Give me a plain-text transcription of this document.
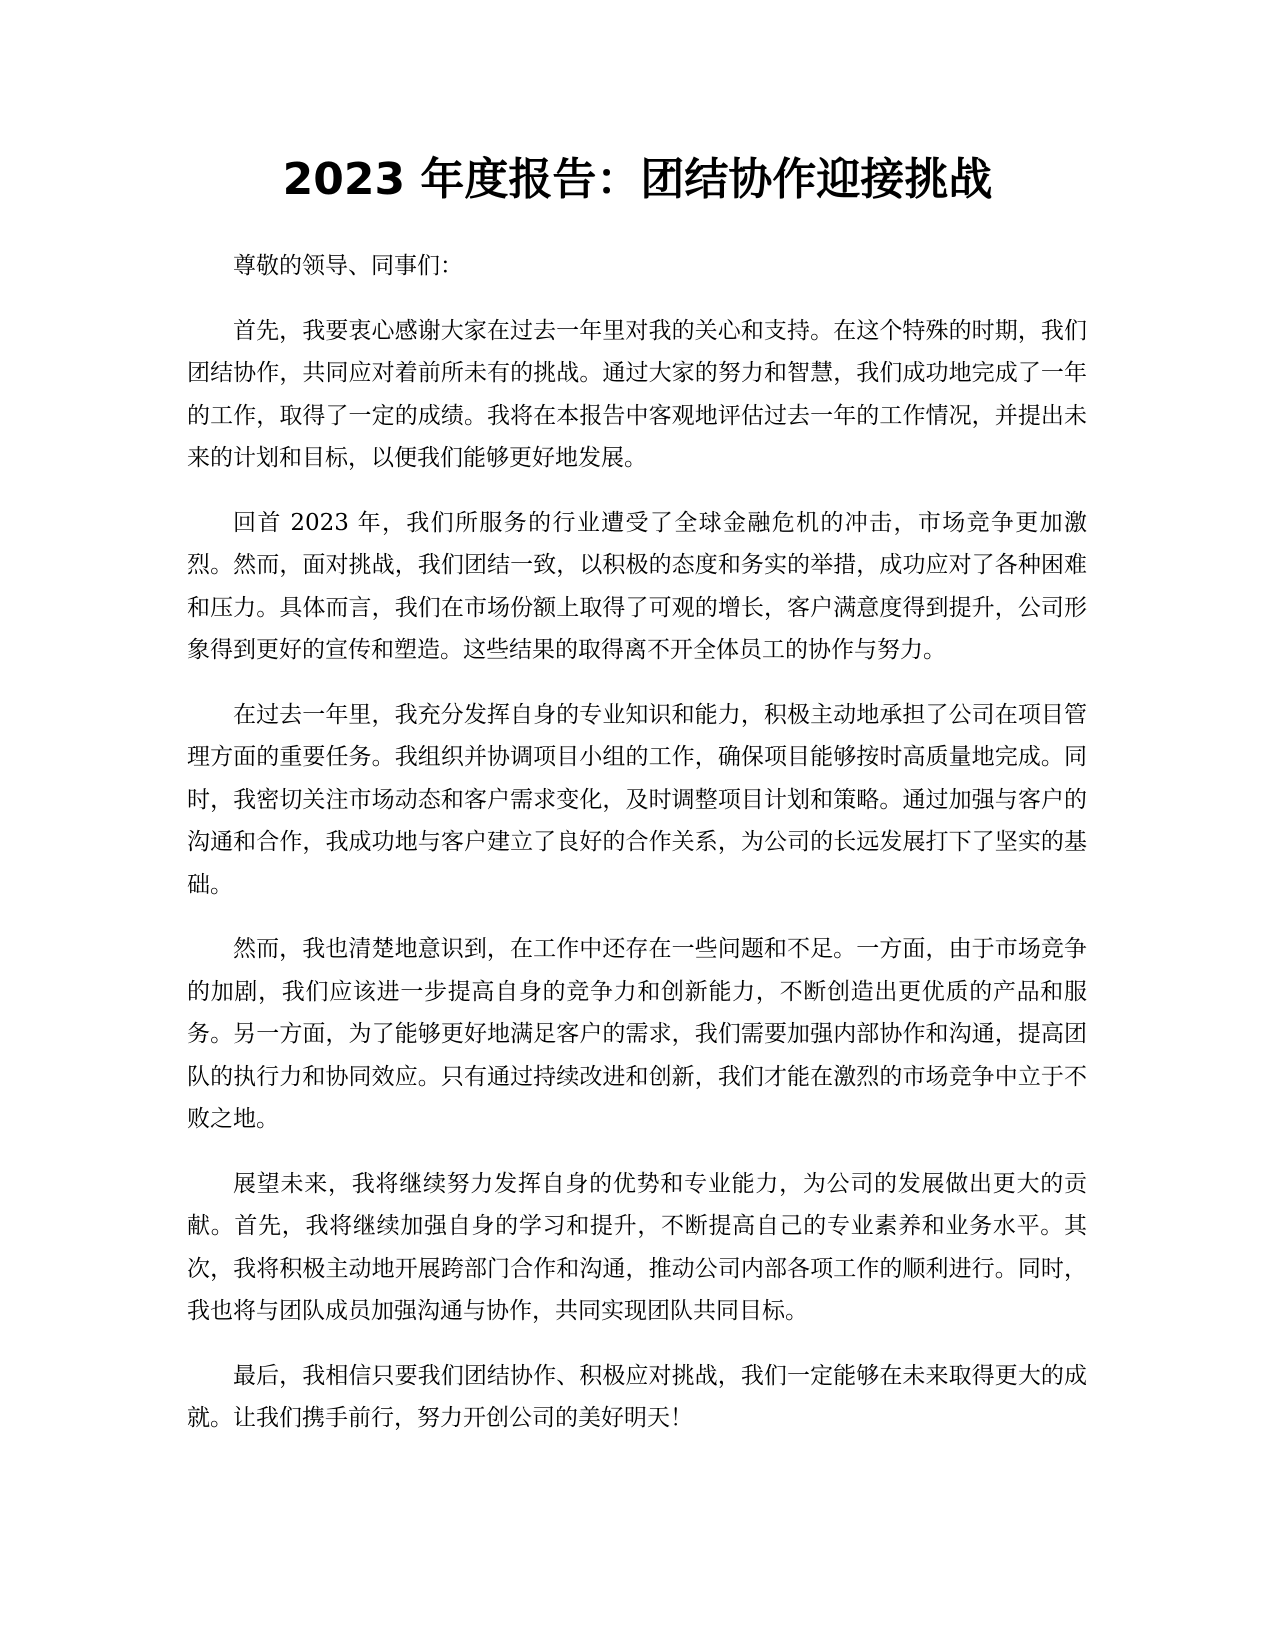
2023 年度报告：团结协作迎接挑战

尊敬的领导、同事们：

首先，我要衷心感谢大家在过去一年里对我的关心和支持。在这个特殊的时期，我们团结协作，共同应对着前所未有的挑战。通过大家的努力和智慧，我们成功地完成了一年的工作，取得了一定的成绩。我将在本报告中客观地评估过去一年的工作情况，并提出未来的计划和目标，以便我们能够更好地发展。

回首 2023 年，我们所服务的行业遭受了全球金融危机的冲击，市场竞争更加激烈。然而，面对挑战，我们团结一致，以积极的态度和务实的举措，成功应对了各种困难和压力。具体而言，我们在市场份额上取得了可观的增长，客户满意度得到提升，公司形象得到更好的宣传和塑造。这些结果的取得离不开全体员工的协作与努力。

在过去一年里，我充分发挥自身的专业知识和能力，积极主动地承担了公司在项目管理方面的重要任务。我组织并协调项目小组的工作，确保项目能够按时高质量地完成。同时，我密切关注市场动态和客户需求变化，及时调整项目计划和策略。通过加强与客户的沟通和合作，我成功地与客户建立了良好的合作关系，为公司的长远发展打下了坚实的基础。

然而，我也清楚地意识到，在工作中还存在一些问题和不足。一方面，由于市场竞争的加剧，我们应该进一步提高自身的竞争力和创新能力，不断创造出更优质的产品和服务。另一方面，为了能够更好地满足客户的需求，我们需要加强内部协作和沟通，提高团队的执行力和协同效应。只有通过持续改进和创新，我们才能在激烈的市场竞争中立于不败之地。

展望未来，我将继续努力发挥自身的优势和专业能力，为公司的发展做出更大的贡献。首先，我将继续加强自身的学习和提升，不断提高自己的专业素养和业务水平。其次，我将积极主动地开展跨部门合作和沟通，推动公司内部各项工作的顺利进行。同时，我也将与团队成员加强沟通与协作，共同实现团队共同目标。

最后，我相信只要我们团结协作、积极应对挑战，我们一定能够在未来取得更大的成就。让我们携手前行，努力开创公司的美好明天！
